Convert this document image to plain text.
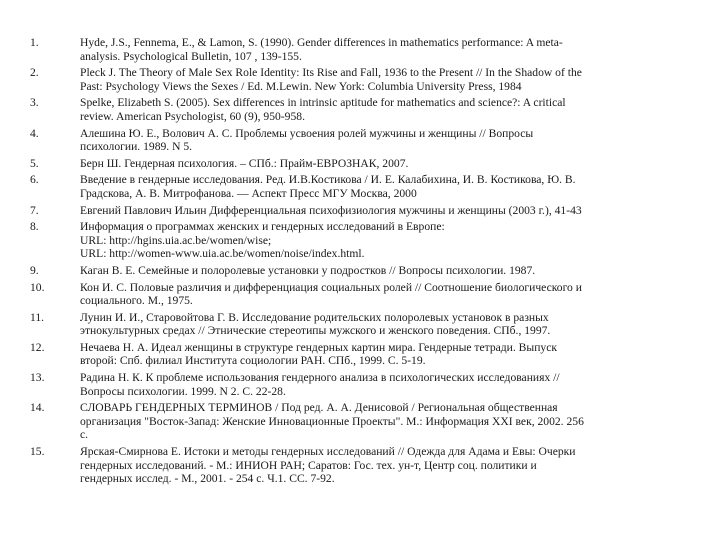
1.	Hyde, J.S., Fennema, E., & Lamon, S. (1990). Gender differences in mathematics performance: A meta-
analysis. Psychological Bulletin, 107 , 139-155.
2.	Pleck J. The Theory of Male Sex Role Identity: Its Rise and Fall, 1936 to the Present // In the Shadow of the
Past: Psychology Views the Sexes / Ed. M.Lewin. New York: Columbia University Press, 1984
3.	Spelke, Elizabeth S. (2005). Sex differences in intrinsic aptitude for mathematics and science?: A critical
review. American Psychologist, 60 (9), 950-958.
4.	Алешина Ю. Е., Волович А. С. Проблемы усвоения ролей мужчины и женщины // Вопросы
психологии. 1989. N 5.
5.	Берн Ш. Гендерная психология. – СПб.: Прайм-ЕВРОЗНАК, 2007.
6.	Введение в гендерные исследования. Ред. И.В.Костикова / И. Е. Калабихина, И. В. Костикова, Ю. В.
Градскова, А. В. Митрофанова. — Аспект Пресс МГУ Москва, 2000
7.	Евгений Павлович Ильин Дифференциальная психофизиология мужчины и женщины (2003 г.), 41-43
8.	Информация о программах женских и гендерных исследований в Европе:
URL: http://hgins.uia.ac.be/women/wise;
URL: http://women-www.uia.ac.be/women/noise/index.html.
9.	Каган В. Е. Семейные и полоролевые установки у подростков // Вопросы психологии. 1987.
10.	Кон И. С. Половые различия и дифференциация социальных ролей // Соотношение биологического и
социального. М., 1975.
11.	Лунин И. И., Старовойтова Г. В. Исследование родительских полоролевых установок в разных
этнокультурных средах // Этнические стереотипы мужского и женского поведения. СПб., 1997.
12.	Нечаева Н. А. Идеал женщины в структуре гендерных картин мира. Гендерные тетради. Выпуск
второй: Спб. филиал Института социологии РАН. СПб., 1999. С. 5-19.
13.	Радина Н. К. К проблеме использования гендерного анализа в психологических исследованиях //
Вопросы психологии. 1999. N 2. С. 22-28.
14.	СЛОВАРЬ ГЕНДЕРНЫХ ТЕРМИНОВ / Под ред. А. А. Денисовой / Региональная общественная
организация "Восток-Запад: Женские Инновационные Проекты". М.: Информация XXI век, 2002. 256
с.
15.	Ярская-Смирнова Е. Истоки и методы гендерных исследований // Одежда для Адама и Евы: Очерки
гендерных исследований. - М.: ИНИОН РАН; Саратов: Гос. тех. ун-т, Центр соц. политики и
гендерных исслед. - М., 2001. - 254 с. Ч.1. СС. 7-92.
